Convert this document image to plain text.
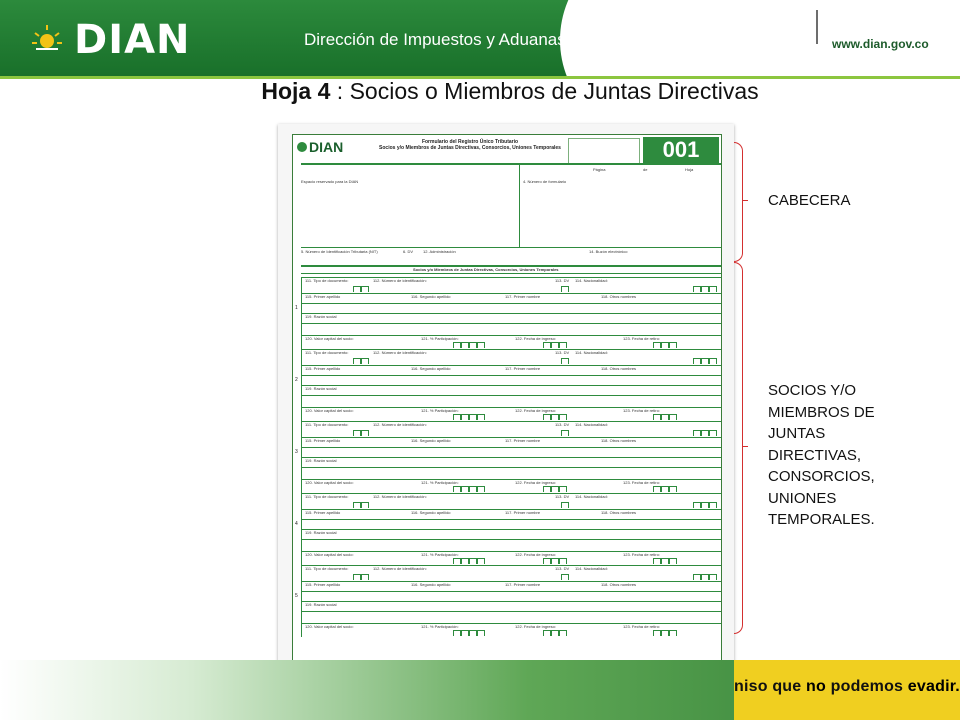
DIAN	Dirección de Impuestos y Aduanas Nacionales	www.dian.gov.co
Hoja 4 : Socios o Miembros de Juntas Directivas
DIAN	Formulario del Registro Único Tributario
Socios y/o Miembros de Juntas Directivas, Consorcios, Uniones Temporales	001
Página	de	Hoja
Espacio reservado para la DIAN	4. Número de formulario
5. Número de Identificación Tributaria (NIT)	6. DV 12. Administración	14. Buzón electrónico
Socios y/o Miembros de Juntas Directivas, Consorcios, Uniones Temporales
1
111. Tipo de documento:	112. Número de identificación:	113. DV 114. Nacionalidad:
115. Primer apellido	116. Segundo apellido	117. Primer nombre	118. Otros nombres
119. Razón social
120. Valor capital del socio:	121. % Participación:	122. Fecha de ingreso:	123. Fecha de retiro:
2
111. Tipo de documento:	112. Número de identificación:	113. DV 114. Nacionalidad:
115. Primer apellido	116. Segundo apellido	117. Primer nombre	118. Otros nombres
119. Razón social
120. Valor capital del socio:	121. % Participación:	122. Fecha de ingreso:	123. Fecha de retiro:
3
111. Tipo de documento:	112. Número de identificación:	113. DV 114. Nacionalidad:
115. Primer apellido	116. Segundo apellido	117. Primer nombre	118. Otros nombres
119. Razón social
120. Valor capital del socio:	121. % Participación:	122. Fecha de ingreso:	123. Fecha de retiro:
4
111. Tipo de documento:	112. Número de identificación:	113. DV 114. Nacionalidad:
115. Primer apellido	116. Segundo apellido	117. Primer nombre	118. Otros nombres
119. Razón social
120. Valor capital del socio:	121. % Participación:	122. Fecha de ingreso:	123. Fecha de retiro:
5
111. Tipo de documento:	112. Número de identificación:	113. DV 114. Nacionalidad:
115. Primer apellido	116. Segundo apellido	117. Primer nombre	118. Otros nombres
119. Razón social
120. Valor capital del socio:	121. % Participación:	122. Fecha de ingreso:	123. Fecha de retiro:
CABECERA
SOCIOS Y/O
MIEMBROS DE
JUNTAS
DIRECTIVAS,
CONSORCIOS,
UNIONES
TEMPORALES.
niso que no podemos evadir.
